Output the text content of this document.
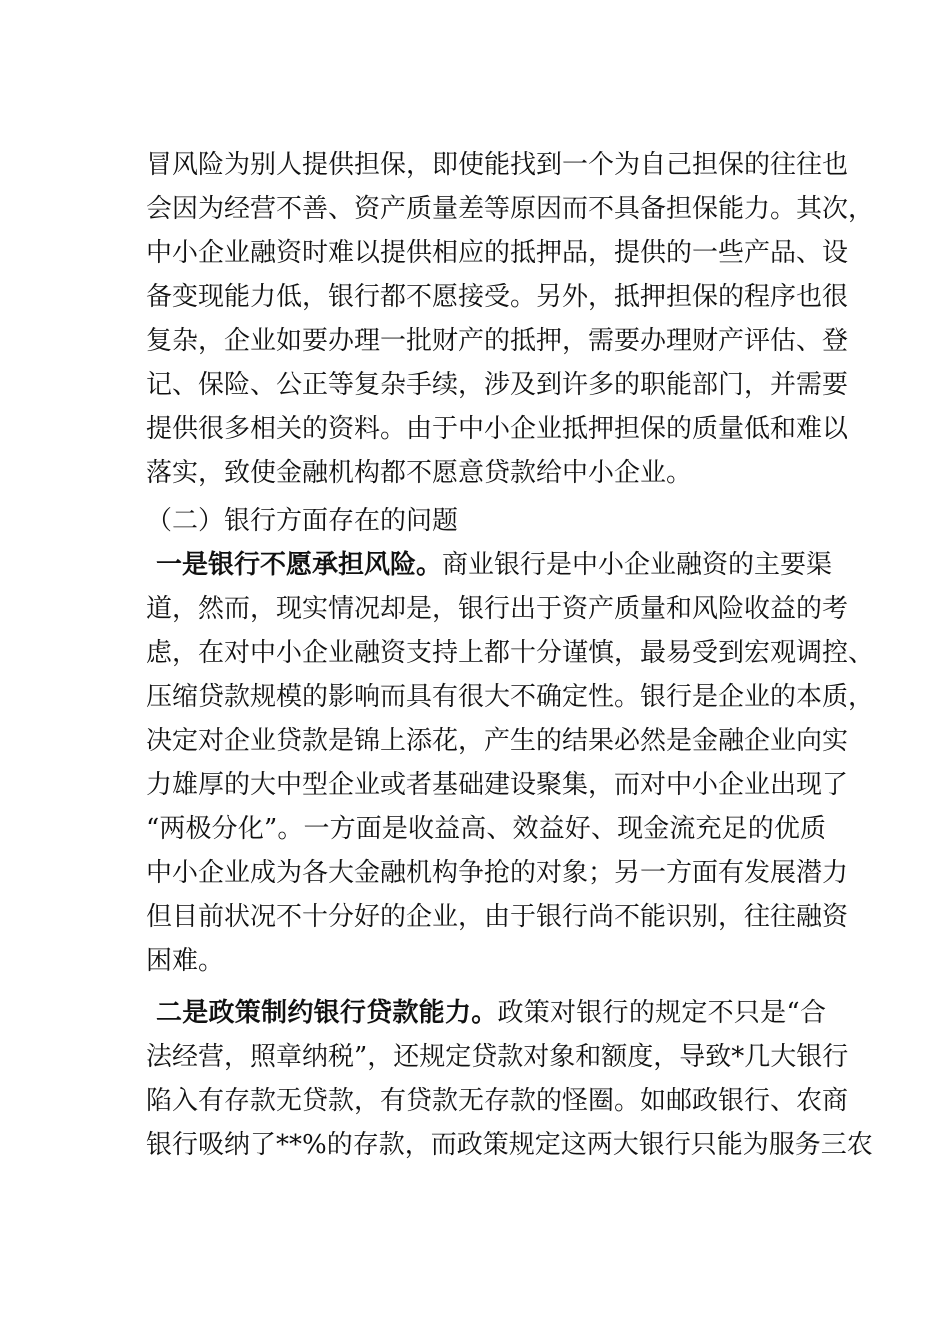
冒风险为别人提供担保，即使能找到一个为自己担保的往往也
会因为经营不善、资产质量差等原因而不具备担保能力。其次，
中小企业融资时难以提供相应的抵押品，提供的一些产品、设
备变现能力低，银行都不愿接受。另外，抵押担保的程序也很
复杂，企业如要办理一批财产的抵押，需要办理财产评估、登
记、保险、公正等复杂手续，涉及到许多的职能部门，并需要
提供很多相关的资料。由于中小企业抵押担保的质量低和难以
落实，致使金融机构都不愿意贷款给中小企业。
（二）银行方面存在的问题
一是银行不愿承担风险。商业银行是中小企业融资的主要渠
道，然而，现实情况却是，银行出于资产质量和风险收益的考
虑，在对中小企业融资支持上都十分谨慎，最易受到宏观调控、
压缩贷款规模的影响而具有很大不确定性。银行是企业的本质，
决定对企业贷款是锦上添花，产生的结果必然是金融企业向实
力雄厚的大中型企业或者基础建设聚集，而对中小企业出现了
“两极分化”。一方面是收益高、效益好、现金流充足的优质
中小企业成为各大金融机构争抢的对象；另一方面有发展潜力
但目前状况不十分好的企业，由于银行尚不能识别，往往融资
困难。
二是政策制约银行贷款能力。政策对银行的规定不只是“合
法经营，照章纳税”，还规定贷款对象和额度，导致*几大银行
陷入有存款无贷款，有贷款无存款的怪圈。如邮政银行、农商
银行吸纳了**%的存款，而政策规定这两大银行只能为服务三农
